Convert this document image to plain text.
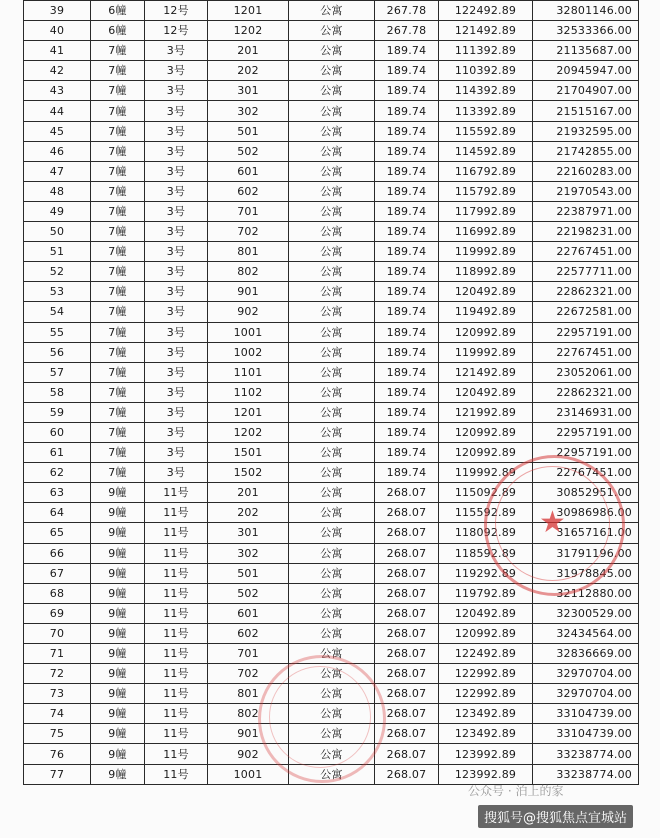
39	6幢	12号	1201	公寓	267.78	122492.89	32801146.00
40	6幢	12号	1202	公寓	267.78	121492.89	32533366.00
41	7幢	3号	201	公寓	189.74	111392.89	21135687.00
42	7幢	3号	202	公寓	189.74	110392.89	20945947.00
43	7幢	3号	301	公寓	189.74	114392.89	21704907.00
44	7幢	3号	302	公寓	189.74	113392.89	21515167.00
45	7幢	3号	501	公寓	189.74	115592.89	21932595.00
46	7幢	3号	502	公寓	189.74	114592.89	21742855.00
47	7幢	3号	601	公寓	189.74	116792.89	22160283.00
48	7幢	3号	602	公寓	189.74	115792.89	21970543.00
49	7幢	3号	701	公寓	189.74	117992.89	22387971.00
50	7幢	3号	702	公寓	189.74	116992.89	22198231.00
51	7幢	3号	801	公寓	189.74	119992.89	22767451.00
52	7幢	3号	802	公寓	189.74	118992.89	22577711.00
53	7幢	3号	901	公寓	189.74	120492.89	22862321.00
54	7幢	3号	902	公寓	189.74	119492.89	22672581.00
55	7幢	3号	1001	公寓	189.74	120992.89	22957191.00
56	7幢	3号	1002	公寓	189.74	119992.89	22767451.00
57	7幢	3号	1101	公寓	189.74	121492.89	23052061.00
58	7幢	3号	1102	公寓	189.74	120492.89	22862321.00
59	7幢	3号	1201	公寓	189.74	121992.89	23146931.00
60	7幢	3号	1202	公寓	189.74	120992.89	22957191.00
61	7幢	3号	1501	公寓	189.74	120992.89	22957191.00
62	7幢	3号	1502	公寓	189.74	119992.89	22767451.00
63	9幢	11号	201	公寓	268.07	115092.89	30852951.00
64	9幢	11号	202	公寓	268.07	115592.89	30986986.00
65	9幢	11号	301	公寓	268.07	118092.89	31657161.00
66	9幢	11号	302	公寓	268.07	118592.89	31791196.00
67	9幢	11号	501	公寓	268.07	119292.89	31978845.00
68	9幢	11号	502	公寓	268.07	119792.89	32112880.00
69	9幢	11号	601	公寓	268.07	120492.89	32300529.00
70	9幢	11号	602	公寓	268.07	120992.89	32434564.00
71	9幢	11号	701	公寓	268.07	122492.89	32836669.00
72	9幢	11号	702	公寓	268.07	122992.89	32970704.00
73	9幢	11号	801	公寓	268.07	122992.89	32970704.00
74	9幢	11号	802	公寓	268.07	123492.89	33104739.00
75	9幢	11号	901	公寓	268.07	123492.89	33104739.00
76	9幢	11号	902	公寓	268.07	123992.89	33238774.00
77	9幢	11号	1001	公寓	268.07	123992.89	33238774.00
★
公众号 · 泊上的家
搜狐号@搜狐焦点宜城站
